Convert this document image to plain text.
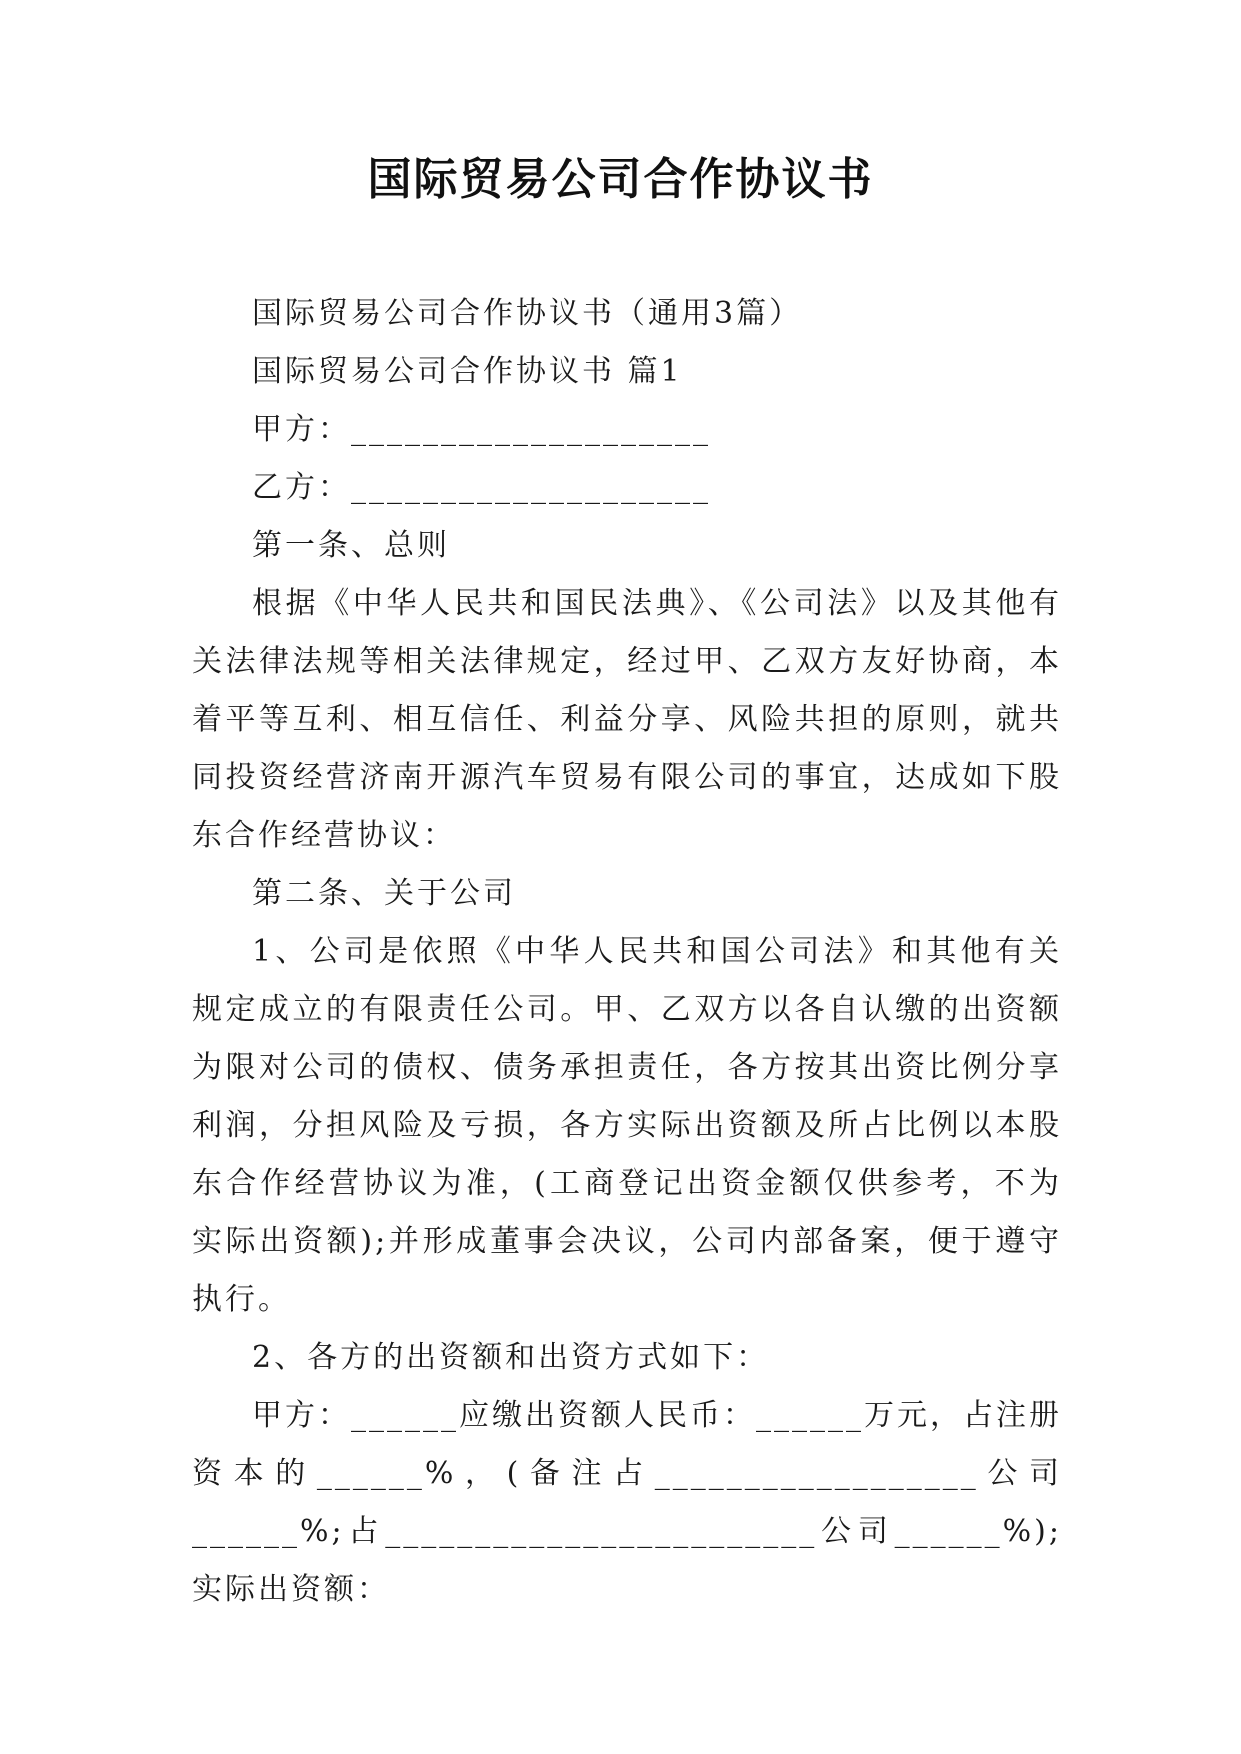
国际贸易公司合作协议书

国际贸易公司合作协议书（通用3篇）

国际贸易公司合作协议书 篇1

甲方：____________________

乙方：____________________

第一条、总则

根据《中华人民共和国民法典》、《公司法》以及其他有关法律法规等相关法律规定，经过甲、乙双方友好协商，本着平等互利、相互信任、利益分享、风险共担的原则，就共同投资经营济南开源汽车贸易有限公司的事宜，达成如下股东合作经营协议：

第二条、关于公司

1、公司是依照《中华人民共和国公司法》和其他有关规定成立的有限责任公司。甲、乙双方以各自认缴的出资额为限对公司的债权、债务承担责任，各方按其出资比例分享利润，分担风险及亏损，各方实际出资额及所占比例以本股东合作经营协议为准，(工商登记出资金额仅供参考，不为实际出资额);并形成董事会决议，公司内部备案，便于遵守执行。

2、各方的出资额和出资方式如下：

甲方：______应缴出资额人民币：______万元，占注册资本的______%，(备注占__________________公司______%;占________________________公司______%);实际出资额：
